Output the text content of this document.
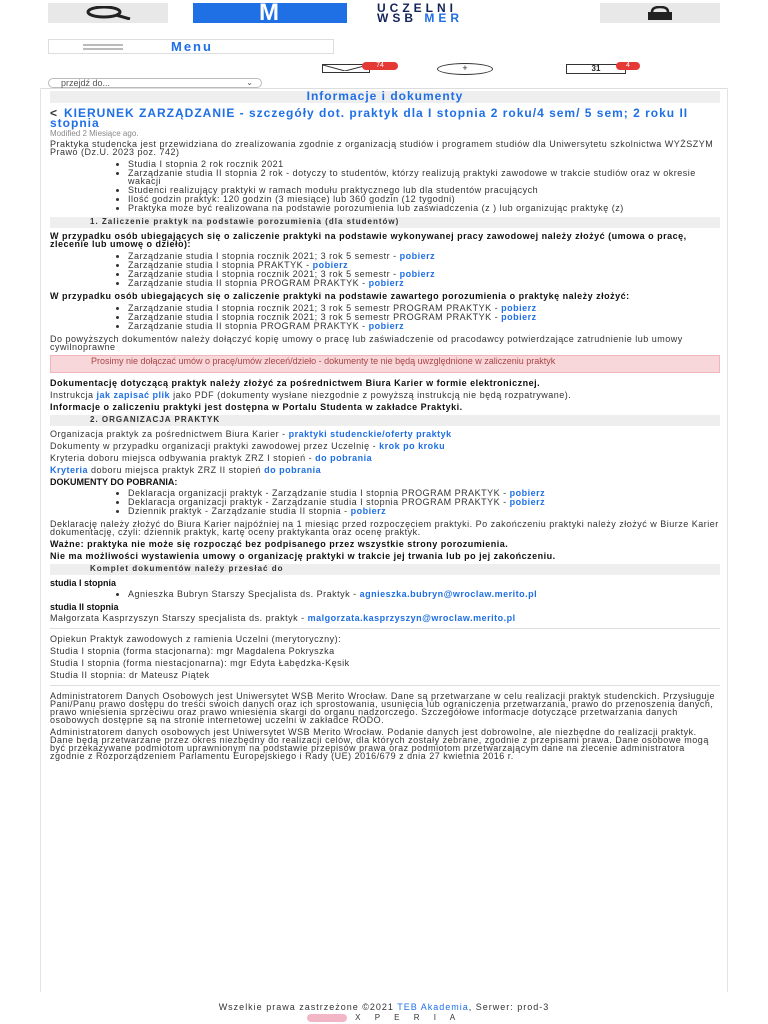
M	UCZELNI
WSB MER
Menu
74	+	31	4
przejdź do...	⌄
Informacje i dokumenty
< KIERUNEK ZARZĄDZANIE - szczegóły dot. praktyk dla I stopnia 2 roku/4 sem/ 5 sem; 2 roku II stopnia
Modified 2 Miesiące ago.

Praktyka studencka jest przewidziana do zrealizowania zgodnie z organizacją studiów i programem studiów dla Uniwersytetu szkolnictwa WYŻSZYM Prawo (Dz.U. 2023 poz. 742)

• Studia I stopnia 2 rok rocznik 2021
• Zarządzanie studia II stopnia 2 rok - dotyczy to studentów, którzy realizują praktyki zawodowe w trakcie studiów oraz w okresie wakacji
• Studenci realizujący praktyki w ramach modułu praktycznego lub dla studentów pracujących
• Ilość godzin praktyk: 120 godzin (3 miesiące) lub 360 godzin (12 tygodni)
• Praktyka może być realizowana na podstawie porozumienia lub zaświadczenia (z ) lub organizując praktykę (z)
1. Zaliczenie praktyk na podstawie porozumienia (dla studentów)

W przypadku osób ubiegających się o zaliczenie praktyki na podstawie wykonywanej pracy zawodowej należy złożyć (umowa o pracę, zlecenie lub umowę o dzieło):

• Zarządzanie studia I stopnia rocznik 2021; 3 rok 5 semestr - pobierz
• Zarządzanie studia I stopnia PRAKTYK - pobierz
• Zarządzanie studia I stopnia rocznik 2021; 3 rok 5 semestr - pobierz
• Zarządzanie studia II stopnia PROGRAM PRAKTYK - pobierz

W przypadku osób ubiegających się o zaliczenie praktyki na podstawie zawartego porozumienia o praktykę należy złożyć:

• Zarządzanie studia I stopnia rocznik 2021; 3 rok 5 semestr PROGRAM PRAKTYK - pobierz
• Zarządzanie studia I stopnia rocznik 2021; 3 rok 5 semestr PROGRAM PRAKTYK - pobierz
• Zarządzanie studia II stopnia PROGRAM PRAKTYK - pobierz

Do powyższych dokumentów należy dołączyć kopię umowy o pracę lub zaświadczenie od pracodawcy potwierdzające zatrudnienie lub umowy cywilnoprawne

Prosimy nie dołączać umów o pracę/umów zleceń/dzieło - dokumenty te nie będą uwzględnione w zaliczeniu praktyk

Dokumentację dotyczącą praktyk należy złożyć za pośrednictwem Biura Karier w formie elektronicznej.

Instrukcja jak zapisać plik jako PDF (dokumenty wysłane niezgodnie z powyższą instrukcją nie będą rozpatrywane).

Informacje o zaliczeniu praktyki jest dostępna w Portalu Studenta w zakładce Praktyki.

2. ORGANIZACJA PRAKTYK

Organizacja praktyk za pośrednictwem Biura Karier - praktyki studenckie/oferty praktyk

Dokumenty w przypadku organizacji praktyki zawodowej przez Uczelnię - krok po kroku

Kryteria doboru miejsca odbywania praktyk ZRZ I stopień - do pobrania

Kryteria doboru miejsca praktyk ZRZ II stopień do pobrania

DOKUMENTY DO POBRANIA:
• Deklaracja organizacji praktyk - Zarządzanie studia I stopnia PROGRAM PRAKTYK - pobierz
• Deklaracja organizacji praktyk - Zarządzanie studia I stopnia PROGRAM PRAKTYK - pobierz
• Dziennik praktyk - Zarządzanie studia II stopnia - pobierz

Deklarację należy złożyć do Biura Karier najpóźniej na 1 miesiąc przed rozpoczęciem praktyki. Po zakończeniu praktyki należy złożyć w Biurze Karier dokumentację, czyli: dziennik praktyk, kartę oceny praktykanta oraz ocenę praktyk.

Ważne: praktyka nie może się rozpocząć bez podpisanego przez wszystkie strony porozumienia.

Nie ma możliwości wystawienia umowy o organizację praktyki w trakcie jej trwania lub po jej zakończeniu.

Komplet dokumentów należy przesłać do
studia I stopnia
• Agnieszka Bubryn Starszy Specjalista ds. Praktyk - agnieszka.bubryn@wroclaw.merito.pl
studia II stopnia

Małgorzata Kasprzyszyn Starszy specjalista ds. praktyk - malgorzata.kasprzyszyn@wroclaw.merito.pl

Opiekun Praktyk zawodowych z ramienia Uczelni (merytoryczny):

Studia I stopnia (forma stacjonarna): mgr Magdalena Pokryszka

Studia I stopnia (forma niestacjonarna): mgr Edyta Łabędzka-Kęsik

Studia II stopnia: dr Mateusz Piątek

Administratorem Danych Osobowych jest Uniwersytet WSB Merito Wrocław. Dane są przetwarzane w celu realizacji praktyk studenckich. Przysługuje Pani/Panu prawo dostępu do treści swoich danych oraz ich sprostowania, usunięcia lub ograniczenia przetwarzania, prawo do przenoszenia danych, prawo wniesienia sprzeciwu oraz prawo wniesienia skargi do organu nadzorczego. Szczegółowe informacje dotyczące przetwarzania danych osobowych dostępne są na stronie internetowej uczelni w zakładce RODO.

Administratorem danych osobowych jest Uniwersytet WSB Merito Wrocław. Podanie danych jest dobrowolne, ale niezbędne do realizacji praktyk. Dane będą przetwarzane przez okres niezbędny do realizacji celów, dla których zostały zebrane, zgodnie z przepisami prawa. Dane osobowe mogą być przekazywane podmiotom uprawnionym na podstawie przepisów prawa oraz podmiotom przetwarzającym dane na zlecenie administratora zgodnie z Rozporządzeniem Parlamentu Europejskiego i Rady (UE) 2016/679 z dnia 27 kwietnia 2016 r.

Wszelkie prawa zastrzeżone ©2021 TEB Akademia, Serwer: prod-3
X P E R I A
